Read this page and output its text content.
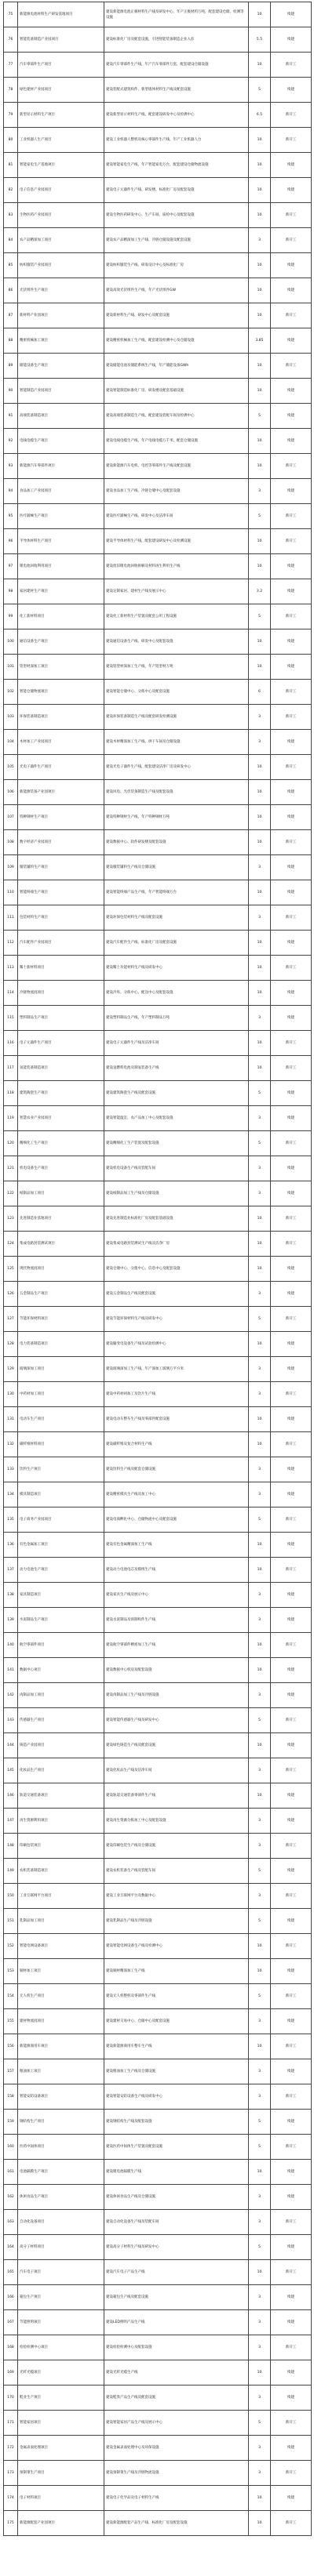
75	新能源电池材料生产研发基地项目	建设新能源电池正极材料生产线及研发中心，年产正极材料万吨，配套建设仓储、检测等设施	10	续建
76	智能装备制造产业园项目	建设标准化厂房及配套设施，引进智能装备制造企业入驻	5.5	续建
77	汽车零部件生产项目	建设汽车零部件生产线，年产汽车零部件万套，配套建设仓储设施	10	新开工
78	绿色建材产业园项目	建设装配式建筑构件、新型墙体材料生产线及配套设施	5	续建
79	新型显示材料生产项目	建设新型显示材料生产线，配套建设研发中心及检测中心	6.5	新开工
80	工业机器人生产项目	建设工业机器人整机及核心零部件生产线，年产工业机器人台	10	新开工
81	智能家电生产基地项目	建设智能家电生产线，年产智能家电万台，配套建设仓储物流设施	10	续建
82	电子信息产业园项目	建设电子元器件生产线、研发楼、标准化厂房及配套设施	10	续建
83	生物医药产业园项目	建设生物医药研发中心、生产车间、质检中心及配套设施	10	新开工
84	农产品精深加工项目	建设农产品精深加工生产线、冷链仓储设施及配套设施	3	新开工
85	纺织服装产业园项目	建设纺织服装生产线、研发设计中心及标准化厂房	10	续建
86	光伏组件生产项目	建设高效光伏组件生产线，年产光伏组件GW	10	续建
87	新材料产业园项目	建设新材料生产线、研发中心及配套设施	10	新开工
88	精密机械加工项目	建设精密机械加工生产线，配套建设检测中心及仓储设施	3.85	续建
89	储能设备生产项目	建设储能电池及储能系统生产线，年产储能设备GWh	10	新开工
90	智能制造产业园项目	建设智能制造标准化厂房、研发楼及配套基础设施	10	续建
91	高端装备制造项目	建设高端装备制造生产线，配套建设装配车间及检测中心	5	续建
92	电线电缆生产项目	建设电线电缆生产线，年产电线电缆万千米，配套仓储设施	10	续建
93	新能源汽车零部件项目	建设新能源汽车电机、电控等零部件生产线及配套设施	10	新开工
94	食品加工产业园项目	建设食品加工生产线、冷链仓储中心及配套设施	3	续建
95	医疗器械生产项目	建设医疗器械生产线、研发中心及洁净车间	5	新开工
96	半导体材料生产项目	建设半导体材料生产线，配套建设研发中心及检测设施	10	新开工
97	锂电池回收利用项目	建设废旧锂电池回收拆解及材料再生利用生产线	10	续建
98	家居建材生产项目	建设定制家居、建材生产线及展示中心	3.2	续建
99	化工新材料项目	建设化工新材料生产装置及配套公用工程设施	5	新开工
100	通信设备生产项目	建设通信设备生产线、研发中心及配套设施	10	续建
101	铝型材深加工项目	建设铝型材深加工生产线，年产铝型材万吨	10	续建
102	智能仓储物流项目	建设智能仓储中心、分拣中心及配套设施	6	新开工
103	环保装备制造项目	建设环保装备制造生产线及配套研发检测设施	3	新开工
104	木材加工产业园项目	建设木材精深加工生产线、烘干车间及仓储设施	3	续建
105	光电子器件生产项目	建设光电子器件生产线，配套建设洁净厂房及研发中心	10	新开工
106	新能源装备产业园项目	建设风电、光伏装备制造生产线及配套设施	10	续建
107	特种钢材生产项目	建设特种钢材生产线，年产特种钢材万吨	10	续建
108	数字经济产业园项目	建设数据中心、软件研发楼及配套设施	10	新开工
109	服装辅料生产项目	建设服装辅料生产线及仓储设施	3	续建
110	智能终端生产项目	建设智能终端产品生产线，年产智能终端万台	10	续建
111	包装材料生产项目	建设环保包装材料生产线及配套设施	3	新开工
112	汽车配件产业园项目	建设汽车配件生产线、标准化厂房及配套设施	10	续建
113	稀土新材料项目	建设稀土功能材料生产线及研发中心	10	新开工
114	冷链物流园项目	建设冷库、分拣中心、配送中心及配套设施	10	续建
115	塑料制品生产项目	建设塑料制品生产线，年产塑料制品万吨	3	续建
116	电子元器件生产项目	建设电子元器件生产线及洁净车间	10	新开工
117	氢能装备制造项目	建设氢燃料电池及制氢装备生产线	10	新开工
118	建筑陶瓷生产项目	建设建筑陶瓷生产线及配套设施	5	续建
119	智慧农业产业园项目	建设智能温室、农产品加工中心及配套设施	3	续建
120	精细化工生产项目	建设精细化工生产装置及配套设施	5	新开工
121	机电设备生产项目	建设机电设备生产线及装配车间	3	续建
122	纸制品加工项目	建设纸制品加工生产线及仓储设施	3	续建
123	先进制造业基地项目	建设先进制造业标准化厂房及配套基础设施	10	新开工
124	集成电路封装测试项目	建设集成电路封装测试生产线及洁净厂房	10	新开工
125	现代物流园项目	建设仓储中心、分拨中心、信息中心及配套设施	10	续建
126	五金制品生产项目	建设五金制品生产线及配套设施	3	续建
127	节能环保材料项目	建设节能环保材料生产线及研发中心	5	新开工
128	电力装备制造项目	建设输变电设备生产线及试验检测中心	10	续建
129	玻璃深加工项目	建设玻璃深加工生产线，年产深加工玻璃万平方米	3	续建
130	中药材加工项目	建设中药材初加工及饮片生产线	3	新开工
131	电动车生产项目	建设电动车整车生产线及零部件配套设施	10	续建
132	碳纤维材料项目	建设碳纤维及复合材料生产线	10	新开工
133	饮料生产项目	建设饮料生产线及配套仓储设施	3	续建
134	模具制造项目	建设精密模具生产线及加工中心	3	续建
135	电子商务产业园项目	建设电商孵化中心、仓储物流中心及配套设施	5	新开工
136	有色金属加工项目	建设有色金属精深加工生产线	10	续建
137	动力电池生产项目	建设动力电池电芯及模组生产线	10	新开工
138	家具制造项目	建设家具生产线及展示中心	3	续建
139	水泥制品生产项目	建设水泥制品及预制构件生产线	3	续建
140	航空零部件项目	建设航空零部件精密加工生产线	10	新开工
141	数据中心项目	建设数据中心机房及配套设施	10	续建
142	肉制品加工项目	建设肉制品加工生产线及冷链设施	3	续建
143	传感器生产项目	建设智能传感器生产线及研发中心	5	新开工
144	铸造产业园项目	建设绿色铸造生产线及配套设施	10	续建
145	化妆品生产项目	建设化妆品生产线及洁净车间	3	新开工
146	轨道交通装备项目	建设轨道交通装备零部件生产线	10	续建
147	再生资源利用项目	建设再生资源分拣加工中心及配套设施	3	续建
148	印刷包装项目	建设印刷包装生产线及仓储设施	3	新开工
149	农机装备制造项目	建设农机装备生产线及装配车间	5	续建
150	工业互联网平台项目	建设工业互联网平台及数据中心	3	新开工
151	乳制品加工项目	建设乳制品生产线及冷链设施	5	续建
152	智能电网设备项目	建设智能电网设备生产线及检测中心	10	新开工
153	铜材加工项目	建设铜材精深加工生产线	10	续建
154	无人机生产项目	建设无人机整机及零部件生产线	5	新开工
155	建材物流园项目	建设建材交易中心、仓储中心及配套设施	3	续建
156	新能源商用车项目	建设新能源商用车整车生产线	10	新开工
157	粮油加工项目	建设粮油加工生产线及仓储设施	3	续建
158	智能安防设备项目	建设智能安防设备生产线及研发中心	3	新开工
159	钢结构生产项目	建设钢结构生产线及配套设施	5	续建
160	医药中间体项目	建设医药中间体生产装置及配套设施	5	新开工
161	电池隔膜生产项目	建设锂电池隔膜生产线	10	续建
162	休闲食品生产项目	建设休闲食品生产线及仓储设施	3	续建
163	自动化设备项目	建设自动化设备生产线及装配车间	3	新开工
164	高分子材料项目	建设高分子材料生产线及研发中心	5	续建
165	汽车电子项目	建设汽车电子产品生产线	10	新开工
166	箱包生产项目	建设箱包生产线及配套设施	3	续建
167	节能照明项目	建设LED照明产品生产线	3	续建
168	检验检测中心项目	建设检验检测中心及配套设施	3	新开工
169	光纤光缆项目	建设光纤光缆生产线	10	续建
170	鞋业生产项目	建设鞋类产品生产线及配套设施	3	续建
171	智能家居项目	建设智能家居产品生产线及展示中心	5	新开工
172	金属表面处理项目	建设金属表面处理中心及环保设施	3	续建
173	预制菜生产项目	建设预制菜生产线及冷链物流设施	3	新开工
174	电子材料项目	建设电子化学品及电子材料生产线	10	续建
175	新能源配套产业园项目	建设新能源配套产品生产线、标准化厂房及配套设施	10	新开工
